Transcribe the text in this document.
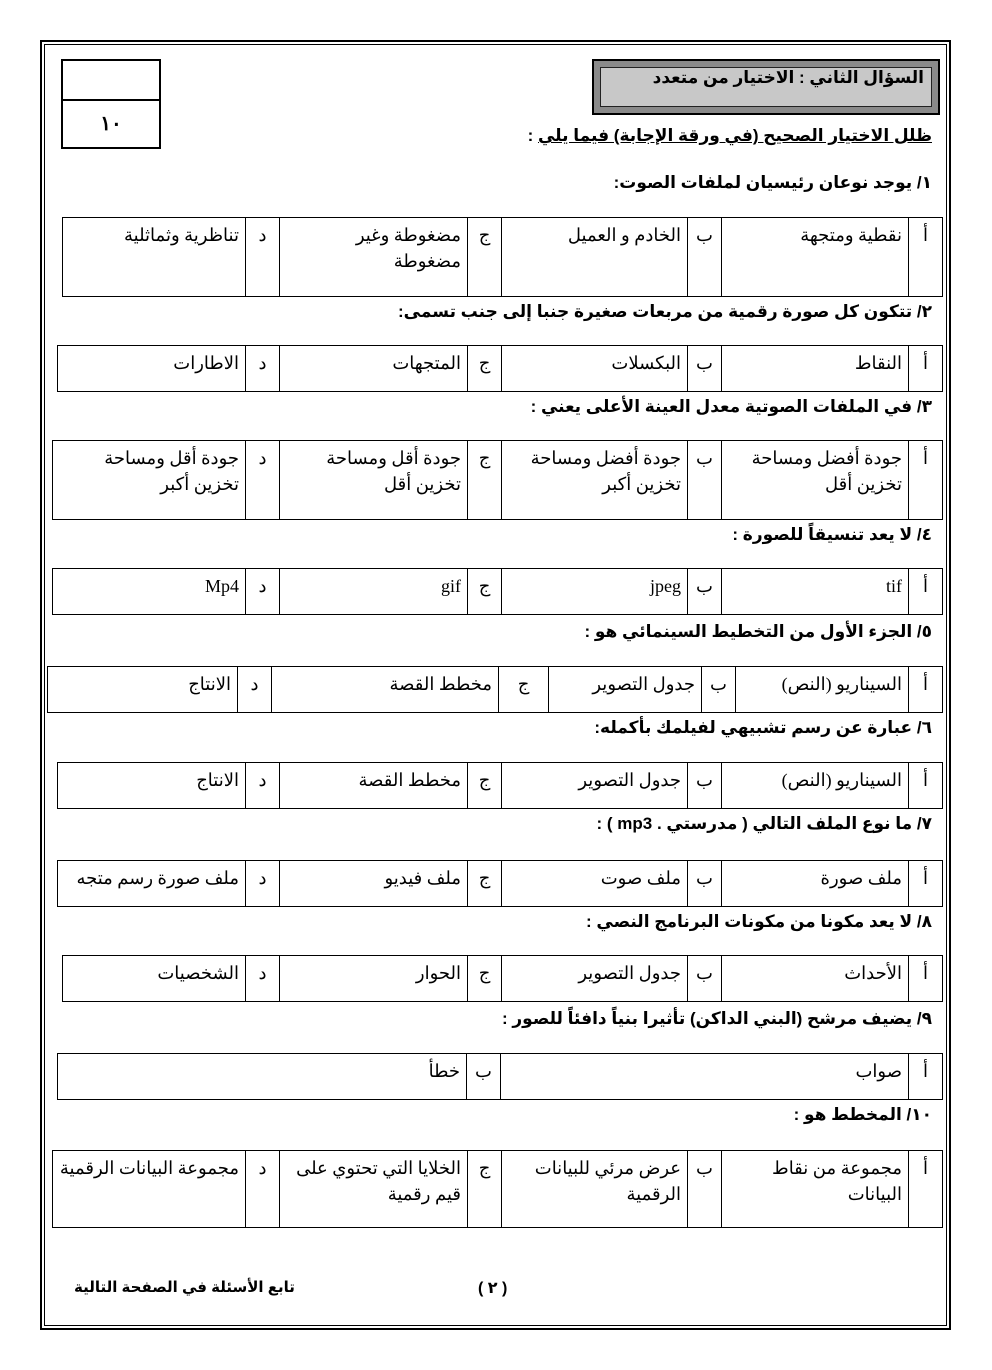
١٠
السؤال الثاني : الاختيار من متعدد
ظلل الاختيار الصحيح (في ورقة الإجابة) فيما يلي :
١/ يوجد نوعان رئيسيان لملفات الصوت:
أ	نقطية ومتجهة	ب	الخادم و العميل	ج	مضغوطة وغير مضغوطة	د	تناظرية وثماثلية
٢/ تتكون كل صورة رقمية من مربعات صغيرة جنبا إلى جنب تسمى:
أ	النقاط	ب	البكسلات	ج	المتجهات	د	الاطارات
٣/ في الملفات الصوتية معدل العينة الأعلى يعني :
أ	جودة أفضل ومساحة تخزين أقل	ب	جودة أفضل ومساحة تخزين أكبر	ج	جودة أقل ومساحة تخزين أقل	د	جودة أقل ومساحة تخزين أكبر
٤/ لا يعد تنسيقاً للصورة :
أ	tif	ب	jpeg	ج	gif	د	Mp4
٥/ الجزء الأول من التخطيط السينمائي هو :
أ	السيناريو (النص)	ب	جدول التصوير	ج	مخطط القصة	د	الانتاج
٦/ عبارة عن رسم تشبيهي لفيلمك بأكمله:
أ	السيناريو (النص)	ب	جدول التصوير	ج	مخطط القصة	د	الانتاج
٧/ ما نوع الملف التالي ( مدرستي . mp3 ) :
أ	ملف صورة	ب	ملف صوت	ج	ملف فيديو	د	ملف صورة رسم متجه
٨/ لا يعد مكونا من مكونات البرنامج النصي :
أ	الأحداث	ب	جدول التصوير	ج	الحوار	د	الشخصيات
٩/ يضيف مرشح (البني الداكن) تأثيرا بنياً دافئاً للصور :
أ	صواب	ب	خطأ
١٠/ المخطط هو :
أ	مجموعة من نقاط البيانات	ب	عرض مرئي للبيانات الرقمية	ج	الخلايا التي تحتوي على قيم رقمية	د	مجموعة البيانات الرقمية
( ٢ )
تابع الأسئلة في الصفحة التالية
